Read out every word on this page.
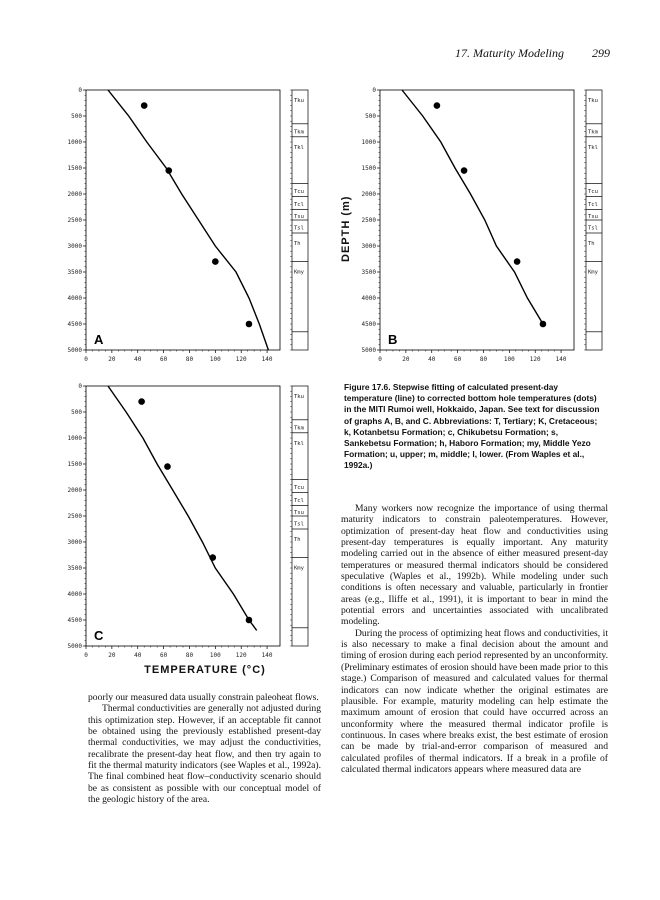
17. Maturity Modeling 299
0
500
1000
1500
2000
2500
3000
3500
4000
4500
5000
0	20	40	60	80	100	120	140
A
Tku
Tkm
Tkl
Tcu
Tcl
Tsu
Tsl
Th
Kmy
0
500
1000
1500
2000
2500
3000
3500
4000
4500
5000
0	20	40	60	80	100	120	140
B
Tku
Tkm
Tkl
Tcu
Tcl
Tsu
Tsl
Th
Kmy
0
500
1000
1500
2000
2500
3000
3500
4000
4500
5000
0	20	40	60	80	100	120	140
C
Tku
Tkm
Tkl
Tcu
Tcl
Tsu
Tsl
Th
Kmy
DEPTH (m)
TEMPERATURE (°C)
Figure 17.6. Stepwise fitting of calculated present-day temperature (line) to corrected bottom hole temperatures (dots) in the MITI Rumoi well, Hokkaido, Japan. See text for discussion of graphs A, B, and C. Abbreviations: T, Tertiary; K, Cretaceous; k, Kotanbetsu Formation; c, Chikubetsu Formation; s, Sankebetsu Formation; h, Haboro Formation; my, Middle Yezo Formation; u, upper; m, middle; l, lower. (From Waples et al., 1992a.)

poorly our measured data usually constrain paleoheat flows.

Thermal conductivities are generally not adjusted during this optimization step. However, if an acceptable fit cannot be obtained using the previously established present-day thermal conductivities, we may adjust the conductivities, recalibrate the present-day heat flow, and then try again to fit the thermal maturity indicators (see Waples et al., 1992a). The final combined heat flow–conductivity scenario should be as consistent as possible with our conceptual model of the geologic history of the area.

Many workers now recognize the importance of using thermal maturity indicators to constrain paleotemperatures. However, optimization of present-day heat flow and conductivities using present-day temperatures is equally important. Any maturity modeling carried out in the absence of either measured present-day temperatures or measured thermal indicators should be considered speculative (Waples et al., 1992b). While modeling under such conditions is often necessary and valuable, particularly in frontier areas (e.g., Iliffe et al., 1991), it is important to bear in mind the potential errors and uncertainties associated with uncalibrated modeling.

During the process of optimizing heat flows and conductivities, it is also necessary to make a final decision about the amount and timing of erosion during each period represented by an unconformity. (Preliminary estimates of erosion should have been made prior to this stage.) Comparison of measured and calculated values for thermal indicators can now indicate whether the original estimates are plausible. For example, maturity modeling can help estimate the maximum amount of erosion that could have occurred across an unconformity where the measured thermal indicator profile is continuous. In cases where breaks exist, the best estimate of erosion can be made by trial-and-error comparison of measured and calculated profiles of thermal indicators. If a break in a profile of calculated thermal indicators appears where measured data are
